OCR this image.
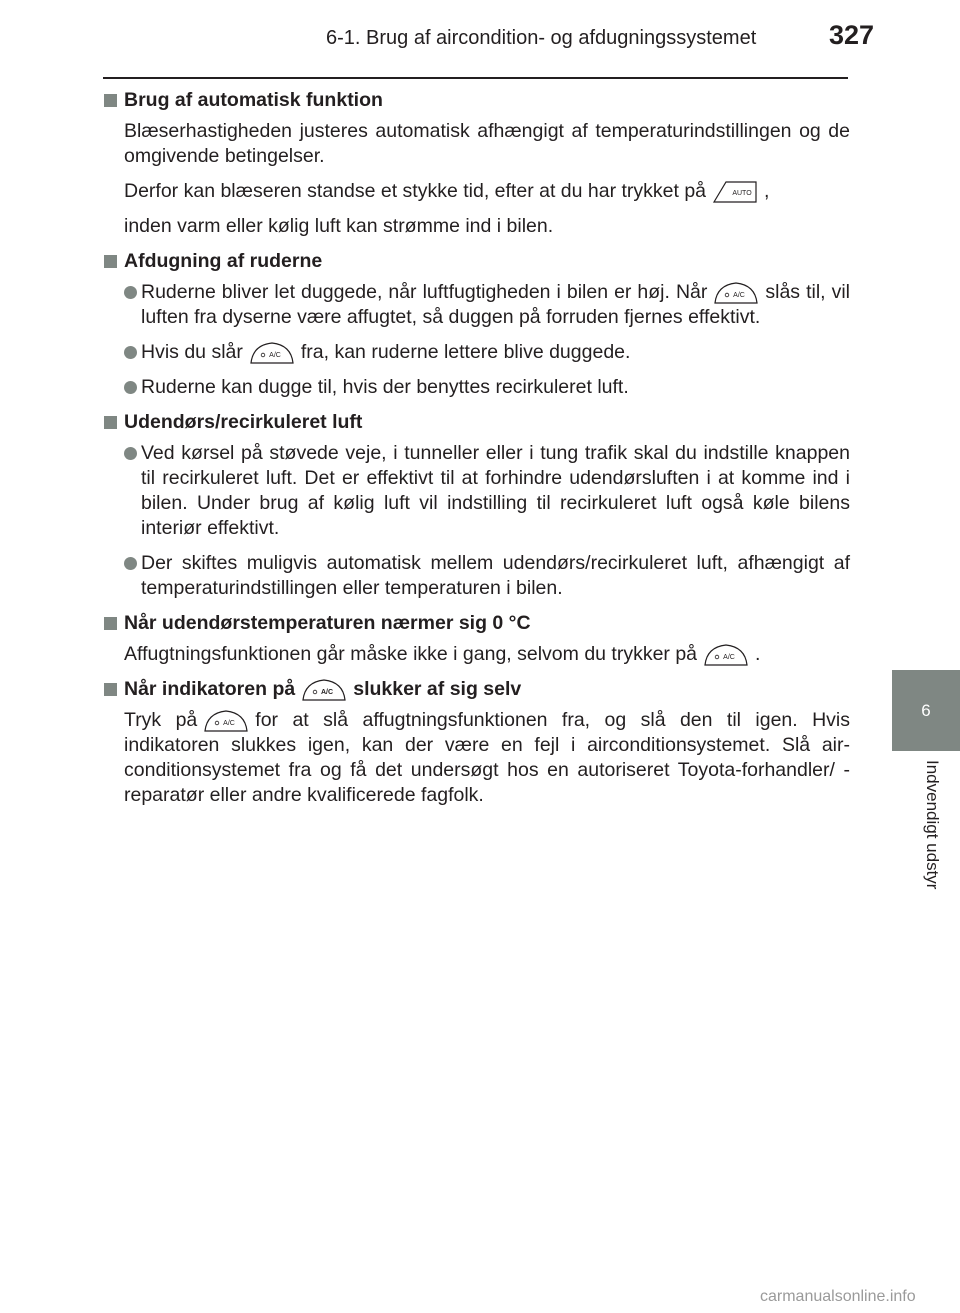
6-1. Brug af aircondition- og afdugningssystemet	327
6
Indvendigt udstyr
Brug af automatisk funktion
Blæserhastigheden justeres automatisk afhængigt af temperaturindstillingen og de omgivende betingelser.
Derfor kan blæseren standse et stykke tid, efter at du har trykket på	AUTO ,
inden varm eller kølig luft kan strømme ind i bilen.
Afdugning af ruderne
Ruderne bliver let duggede, når luftfugtigheden i bilen er høj. Når	A/C slås til, vil luften fra dyserne være affugtet, så duggen på forruden fjernes effektivt.
Hvis du slår	A/C fra, kan ruderne lettere blive duggede.
Ruderne kan dugge til, hvis der benyttes recirkuleret luft.
Udendørs/recirkuleret luft
Ved kørsel på støvede veje, i tunneller eller i tung trafik skal du indstille knappen til recirkuleret luft. Det er effektivt til at forhindre udendørsluften i at komme ind i bilen. Under brug af kølig luft vil indstilling til recirkuleret luft også køle bilens interiør effektivt.
Der skiftes muligvis automatisk mellem udendørs/recirkuleret luft, afhængigt af temperaturindstillingen eller temperaturen i bilen.
Når udendørstemperaturen nærmer sig 0 °C
Affugtningsfunktionen går måske ikke i gang, selvom du trykker på	A/C .
Når indikatoren på	A/C slukker af sig selv
Tryk på	A/C for at slå affugtningsfunktionen fra, og slå den til igen. Hvis indikatoren slukkes igen, kan der være en fejl i airconditionsystemet. Slå air-conditionsystemet fra og få det undersøgt hos en autoriseret Toyota-forhandler/ -reparatør eller andre kvalificerede fagfolk.
carmanualsonline.info
